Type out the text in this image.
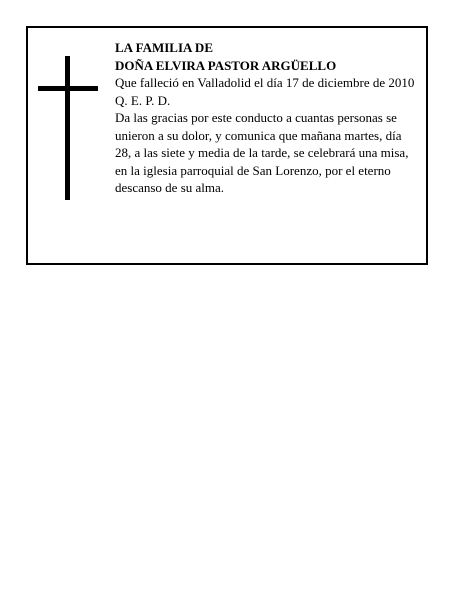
LA FAMILIA DE
DOÑA ELVIRA PASTOR ARGÜELLO
Que falleció en Valladolid el día 17 de diciembre de 2010
Q. E. P. D.
Da las gracias por este conducto a cuantas personas se unieron a su dolor, y comunica que mañana martes, día 28, a las siete y media de la tarde, se celebrará una misa, en la iglesia parroquial de San Lorenzo, por el eterno descanso de su alma.
